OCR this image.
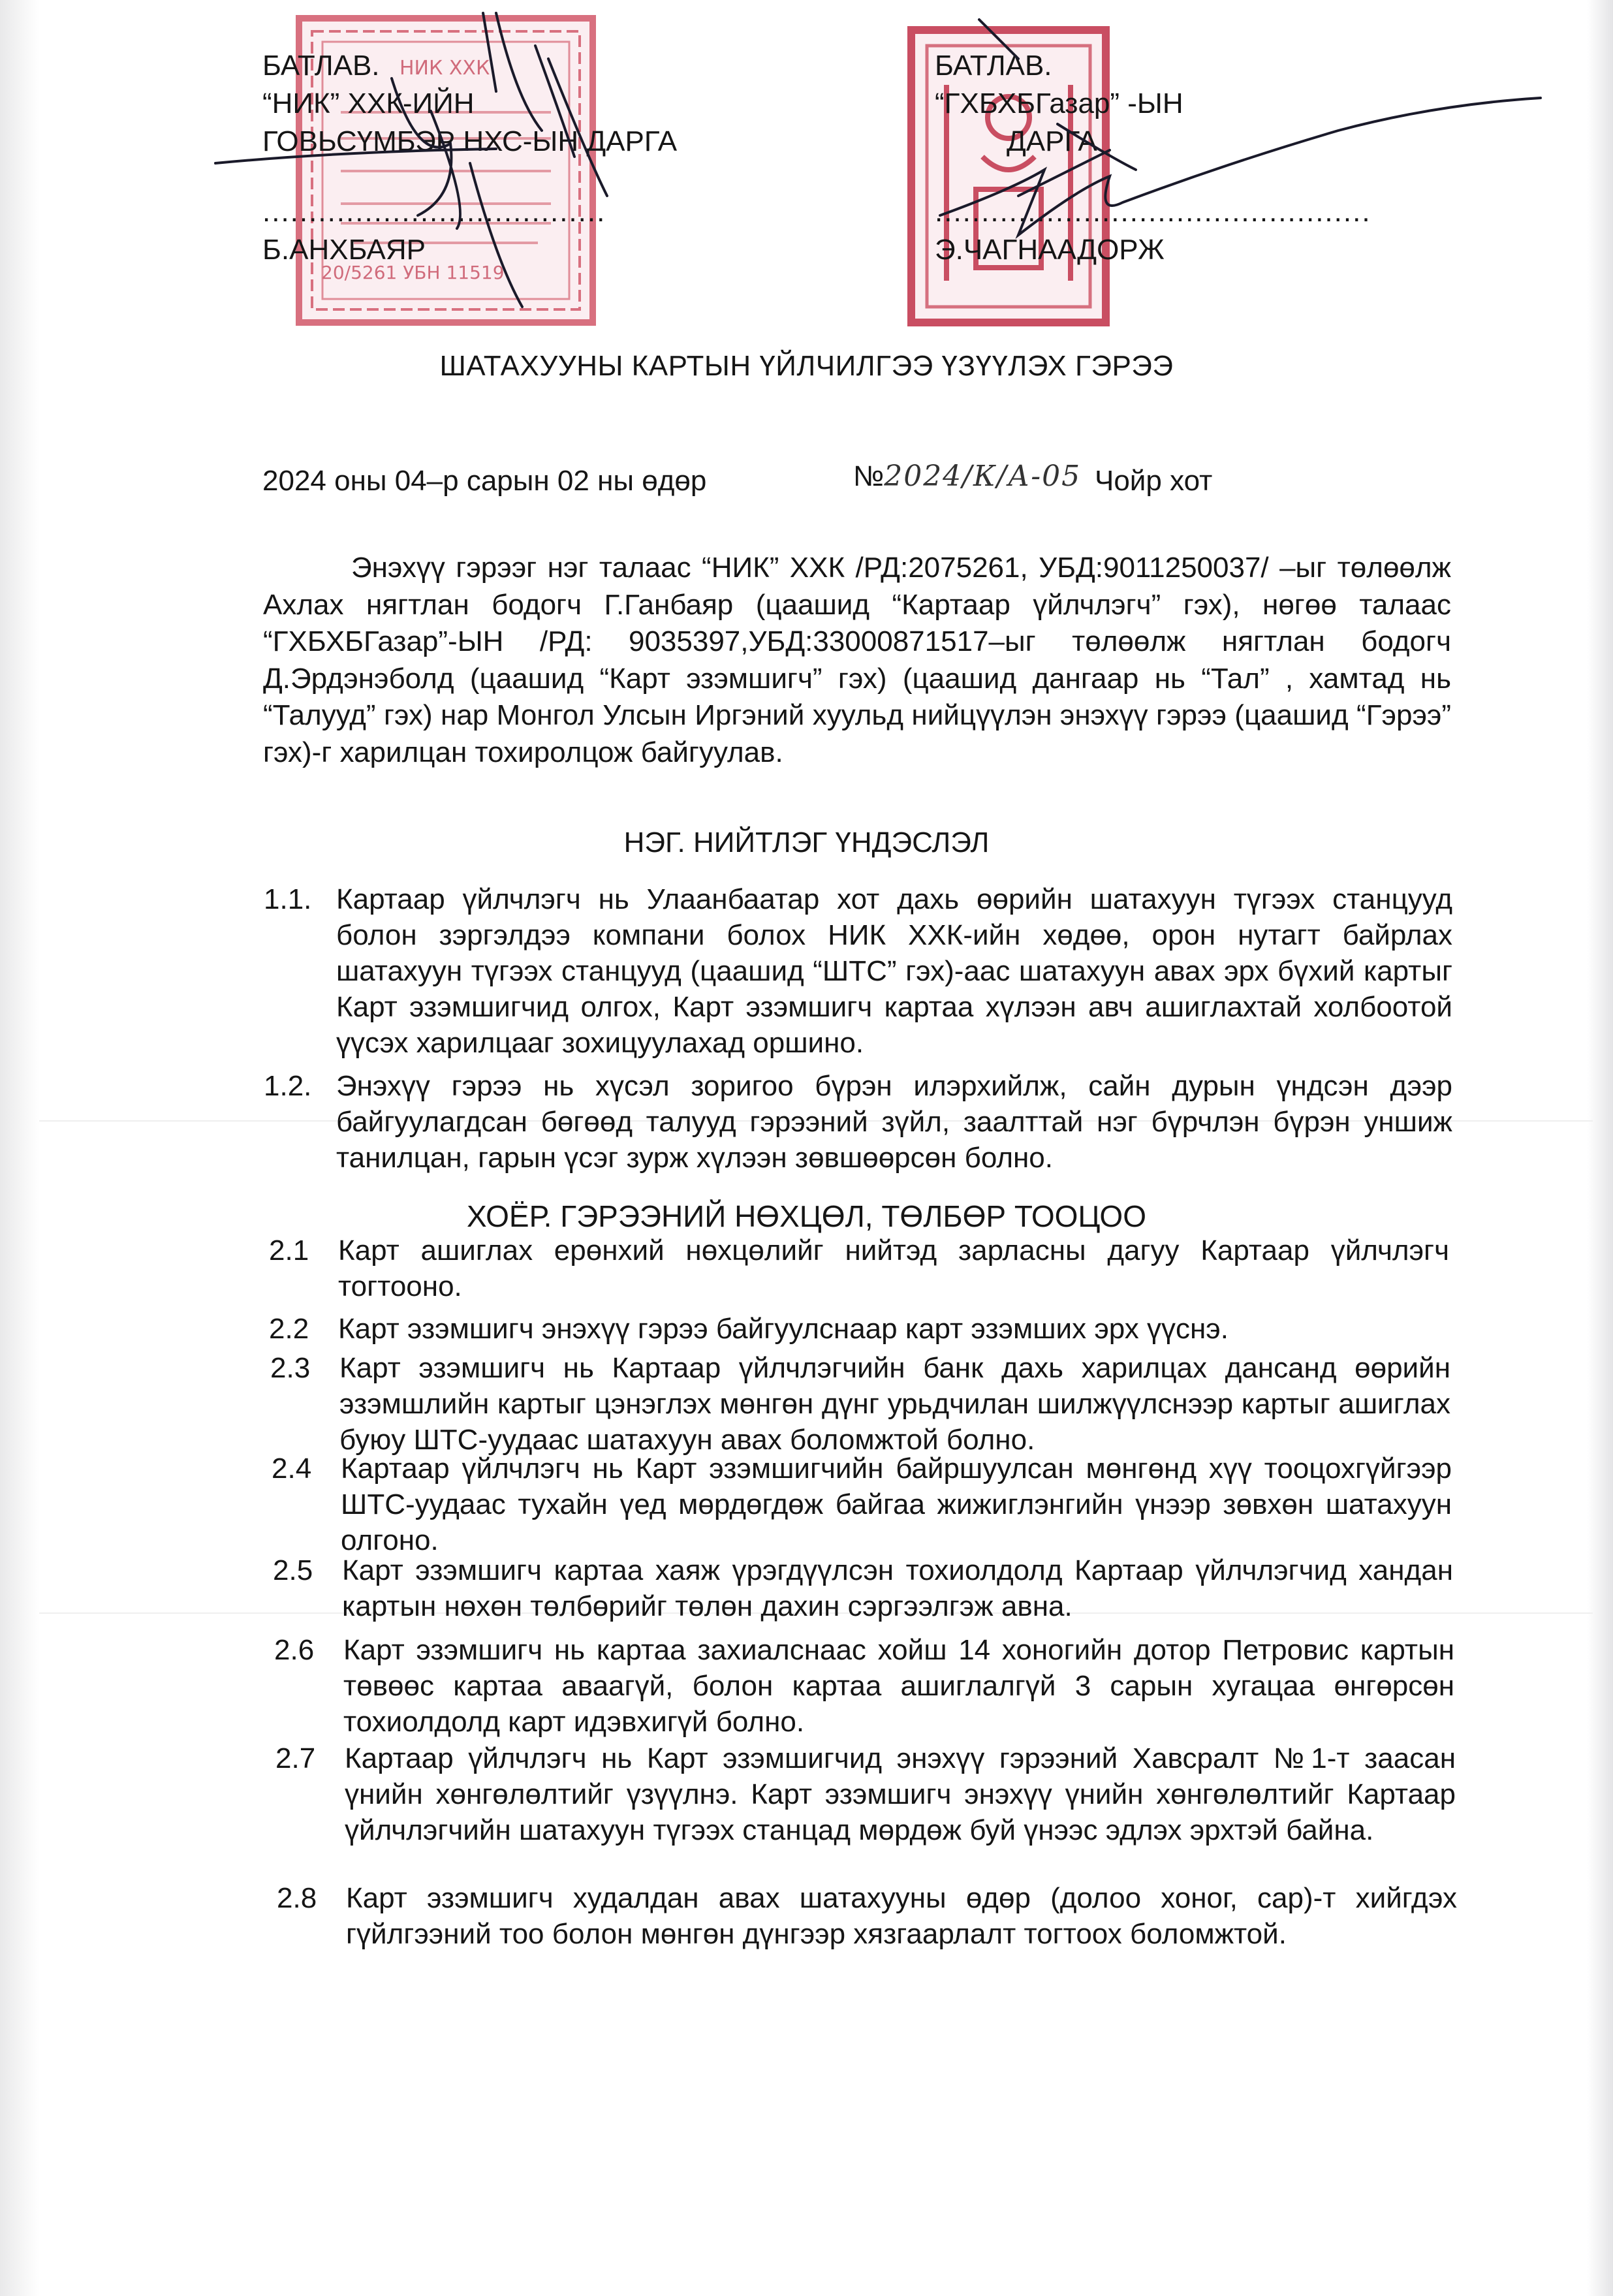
НИК ХХК
20/5261 УБН 11519
БАТЛАВ.
“НИК” ХХК-ИЙН
ГОВЬСҮМБЭР НХС-ЫН ДАРГА
.....................................
Б.АНХБАЯР
БАТЛАВ.
“ГХБХБГазар” -ЫН
ДАРГА
...............................................
Э.ЧАГНААДОРЖ
ШАТАХУУНЫ КАРТЫН ҮЙЛЧИЛГЭЭ ҮЗҮҮЛЭХ ГЭРЭЭ
2024 оны 04–р сарын 02 ны өдөр	№2024/К/А-05 Чойр хот
Энэхүү гэрээг нэг талаас “НИК” ХХК /РД:2075261, УБД:9011250037/ –ыг төлөөлж Ахлах нягтлан бодогч Г.Ганбаяр (цаашид “Картаар үйлчлэгч” гэх), нөгөө талаас “ГХБХБГазар”-ЫН /РД: 9035397,УБД:33000871517–ыг төлөөлж нягтлан бодогч Д.Эрдэнэболд (цаашид “Карт эзэмшигч” гэх) (цаашид дангаар нь “Тал” , хамтад нь “Талууд” гэх) нар Монгол Улсын Иргэний хуульд нийцүүлэн энэхүү гэрээ (цаашид “Гэрээ” гэх)-г харилцан тохиролцож байгуулав.
НЭГ. НИЙТЛЭГ ҮНДЭСЛЭЛ
1.1. Картаар үйлчлэгч нь Улаанбаатар хот дахь өөрийн шатахуун түгээх станцууд болон зэргэлдээ компани болох НИК ХХК-ийн хөдөө, орон нутагт байрлах шатахуун түгээх станцууд (цаашид “ШТС” гэх)-аас шатахуун авах эрх бүхий картыг Карт эзэмшигчид олгох, Карт эзэмшигч картаа хүлээн авч ашиглахтай холбоотой үүсэх харилцааг зохицуулахад оршино.
1.2. Энэхүү гэрээ нь хүсэл зоригоо бүрэн илэрхийлж, сайн дурын үндсэн дээр байгуулагдсан бөгөөд талууд гэрээний зүйл, заалттай нэг бүрчлэн бүрэн уншиж танилцан, гарын үсэг зурж хүлээн зөвшөөрсөн болно.
ХОЁР. ГЭРЭЭНИЙ НӨХЦӨЛ, ТӨЛБӨР ТООЦОО
2.1 Карт ашиглах ерөнхий нөхцөлийг нийтэд зарласны дагуу Картаар үйлчлэгч тогтооно.
2.2 Карт эзэмшигч энэхүү гэрээ байгуулснаар карт эзэмших эрх үүснэ.
2.3 Карт эзэмшигч нь Картаар үйлчлэгчийн банк дахь харилцах дансанд өөрийн эзэмшлийн картыг цэнэглэх мөнгөн дүнг урьдчилан шилжүүлснээр картыг ашиглах буюу ШТС-уудаас шатахуун авах боломжтой болно.
2.4 Картаар үйлчлэгч нь Карт эзэмшигчийн байршуулсан мөнгөнд хүү тооцохгүйгээр ШТС-уудаас тухайн үед мөрдөгдөж байгаа жижиглэнгийн үнээр зөвхөн шатахуун олгоно.
2.5 Карт эзэмшигч картаа хаяж үрэгдүүлсэн тохиолдолд Картаар үйлчлэгчид хандан картын нөхөн төлбөрийг төлөн дахин сэргээлгэж авна.
2.6 Карт эзэмшигч нь картаа захиалснаас хойш 14 хоногийн дотор Петровис картын төвөөс картаа аваагүй, болон картаа ашиглалгүй 3 сарын хугацаа өнгөрсөн тохиолдолд карт идэвхигүй болно.
2.7 Картаар үйлчлэгч нь Карт эзэмшигчид энэхүү гэрээний Хавсралт №1-т заасан үнийн хөнгөлөлтийг үзүүлнэ. Карт эзэмшигч энэхүү үнийн хөнгөлөлтийг Картаар үйлчлэгчийн шатахуун түгээх станцад мөрдөж буй үнээс эдлэх эрхтэй байна.
2.8 Карт эзэмшигч худалдан авах шатахууны өдөр (долоо хоног, сар)-т хийгдэх гүйлгээний тоо болон мөнгөн дүнгээр хязгаарлалт тогтоох боломжтой.
